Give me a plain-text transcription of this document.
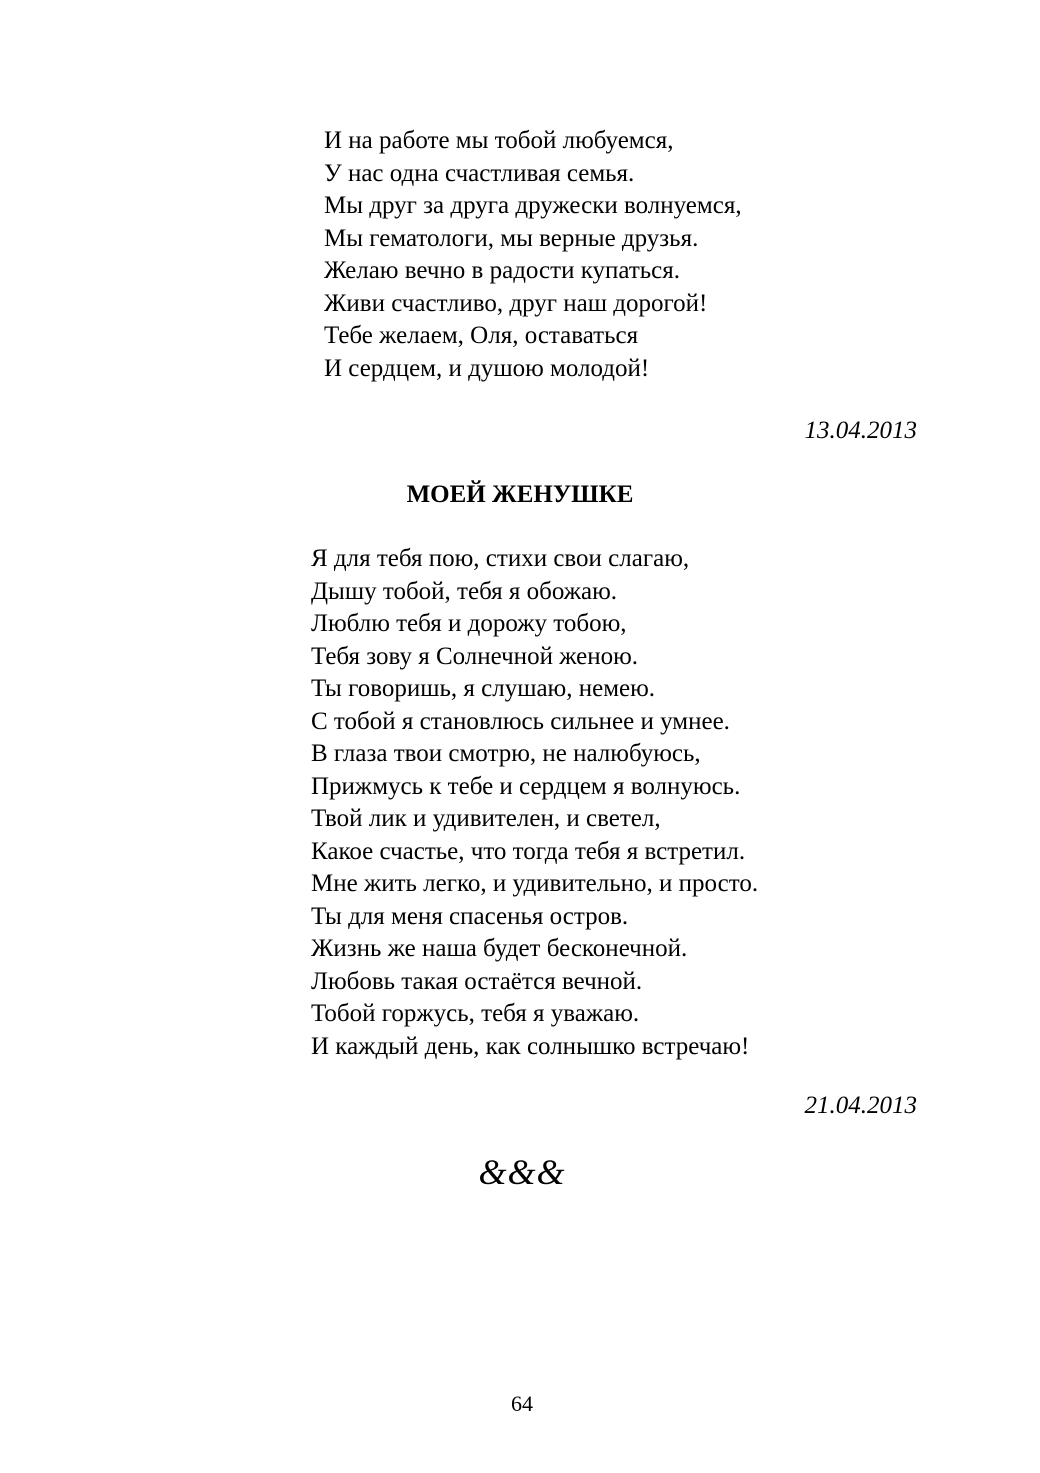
И на работе мы тобой любуемся,
У нас одна счастливая семья.
Мы друг за друга дружески волнуемся,
Мы гематологи, мы верные друзья.
Желаю вечно в радости купаться.
Живи счастливо, друг наш дорогой!
Тебе желаем, Оля, оставаться
И сердцем, и душою молодой!
13.04.2013
МОЕЙ ЖЕНУШКЕ
Я для тебя пою, стихи свои слагаю,
Дышу тобой, тебя я обожаю.
Люблю тебя и дорожу тобою,
Тебя зову я Солнечной женою.
Ты говоришь, я слушаю, немею.
С тобой я становлюсь сильнее и умнее.
В глаза твои смотрю, не налюбуюсь,
Прижмусь к тебе и сердцем я волнуюсь.
Твой лик и удивителен, и светел,
Какое счастье, что тогда тебя я встретил.
Мне жить легко, и удивительно, и просто.
Ты для меня спасенья остров.
Жизнь же наша будет бесконечной.
Любовь такая остаётся вечной.
Тобой горжусь, тебя я уважаю.
И каждый день, как солнышко встречаю!
21.04.2013
&&&
64
